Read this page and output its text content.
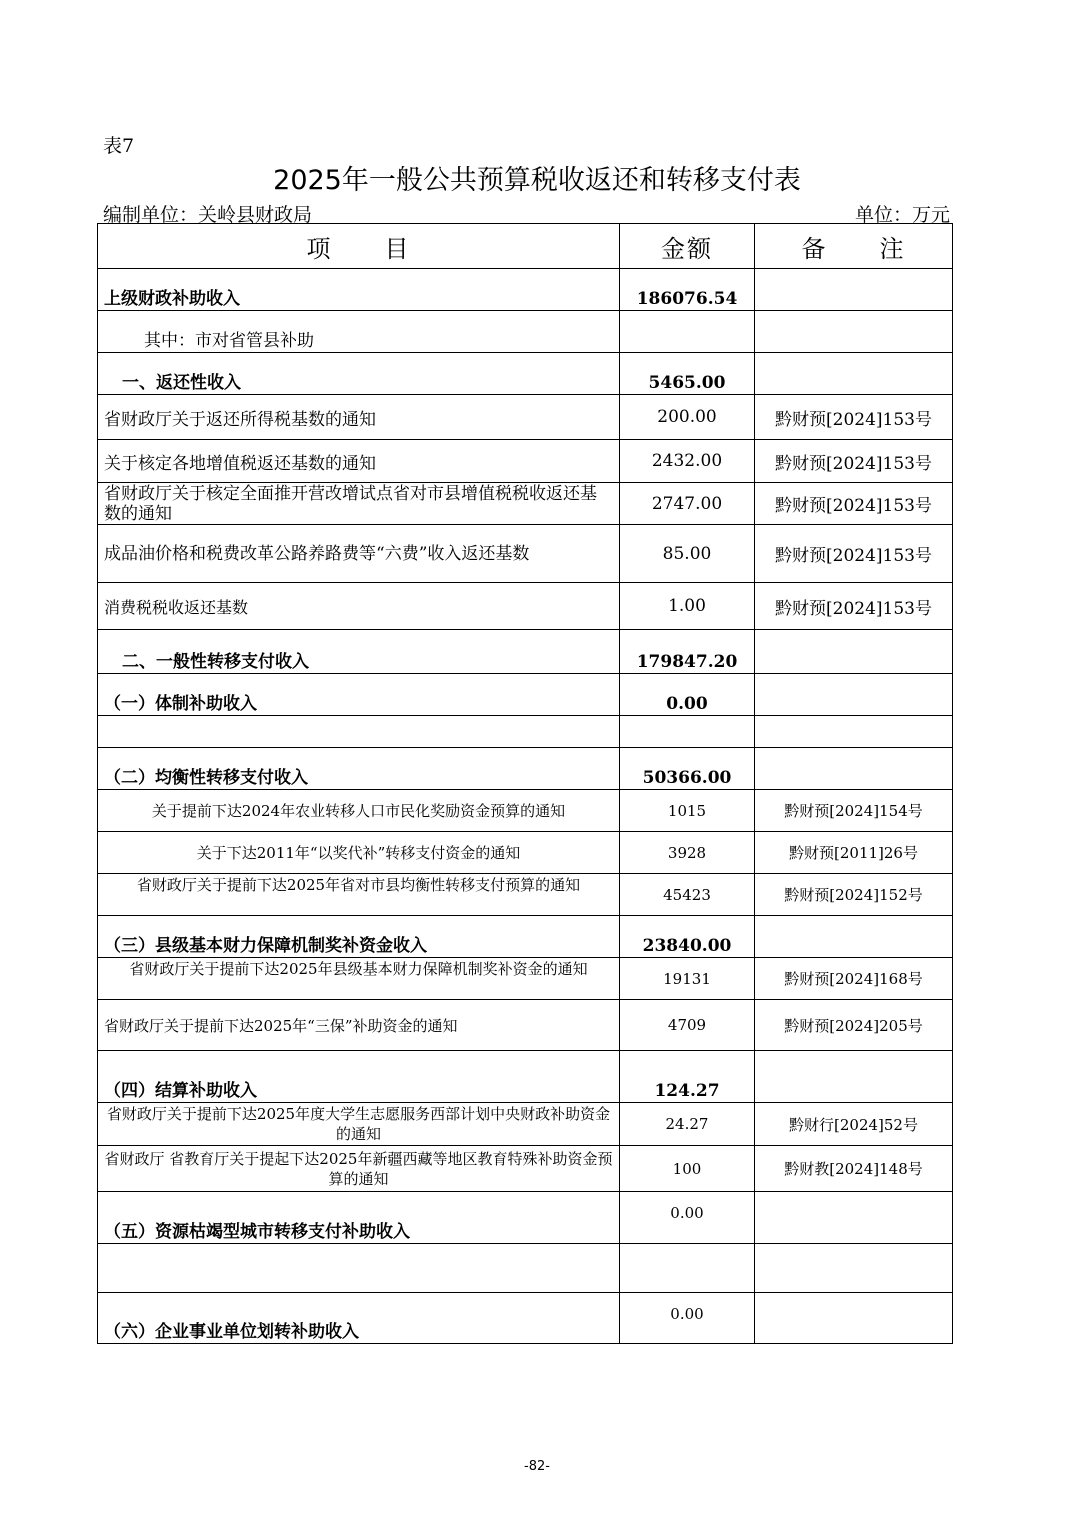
表7
2025年一般公共预算税收返还和转移支付表
编制单位：关岭县财政局	单位：万元
项　　目	金额	备　　注
上级财政补助收入	186076.54	
其中：市对省管县补助		
一、返还性收入	5465.00	
省财政厅关于返还所得税基数的通知	200.00	黔财预[2024]153号
关于核定各地增值税返还基数的通知	2432.00	黔财预[2024]153号

省财政厅关于核定全面推开营改增试点省对市县增值税税收返还基数的通知	2747.00	黔财预[2024]153号
成品油价格和税费改革公路养路费等“六费”收入返还基数	85.00	黔财预[2024]153号
消费税税收返还基数	1.00	黔财预[2024]153号
二、一般性转移支付收入	179847.20	
（一）体制补助收入	0.00	

（二）均衡性转移支付收入	50366.00	
关于提前下达2024年农业转移人口市民化奖励资金预算的通知	1015	黔财预[2024]154号
关于下达2011年“以奖代补”转移支付资金的通知	3928	黔财预[2011]26号

省财政厅关于提前下达2025年省对市县均衡性转移支付预算的通知	45423	黔财预[2024]152号
（三）县级基本财力保障机制奖补资金收入	23840.00	

省财政厅关于提前下达2025年县级基本财力保障机制奖补资金的通知	19131	黔财预[2024]168号
省财政厅关于提前下达2025年“三保”补助资金的通知	4709	黔财预[2024]205号
（四）结算补助收入	124.27	

省财政厅关于提前下达2025年度大学生志愿服务西部计划中央财政补助资金的通知	24.27	黔财行[2024]52号
省财政厅 省教育厅关于提起下达2025年新疆西藏等地区教育特殊补助资金预算的通知	100	黔财教[2024]148号
（五）资源枯竭型城市转移支付补助收入	0.00	

（六）企业事业单位划转补助收入	0.00	
-82-
